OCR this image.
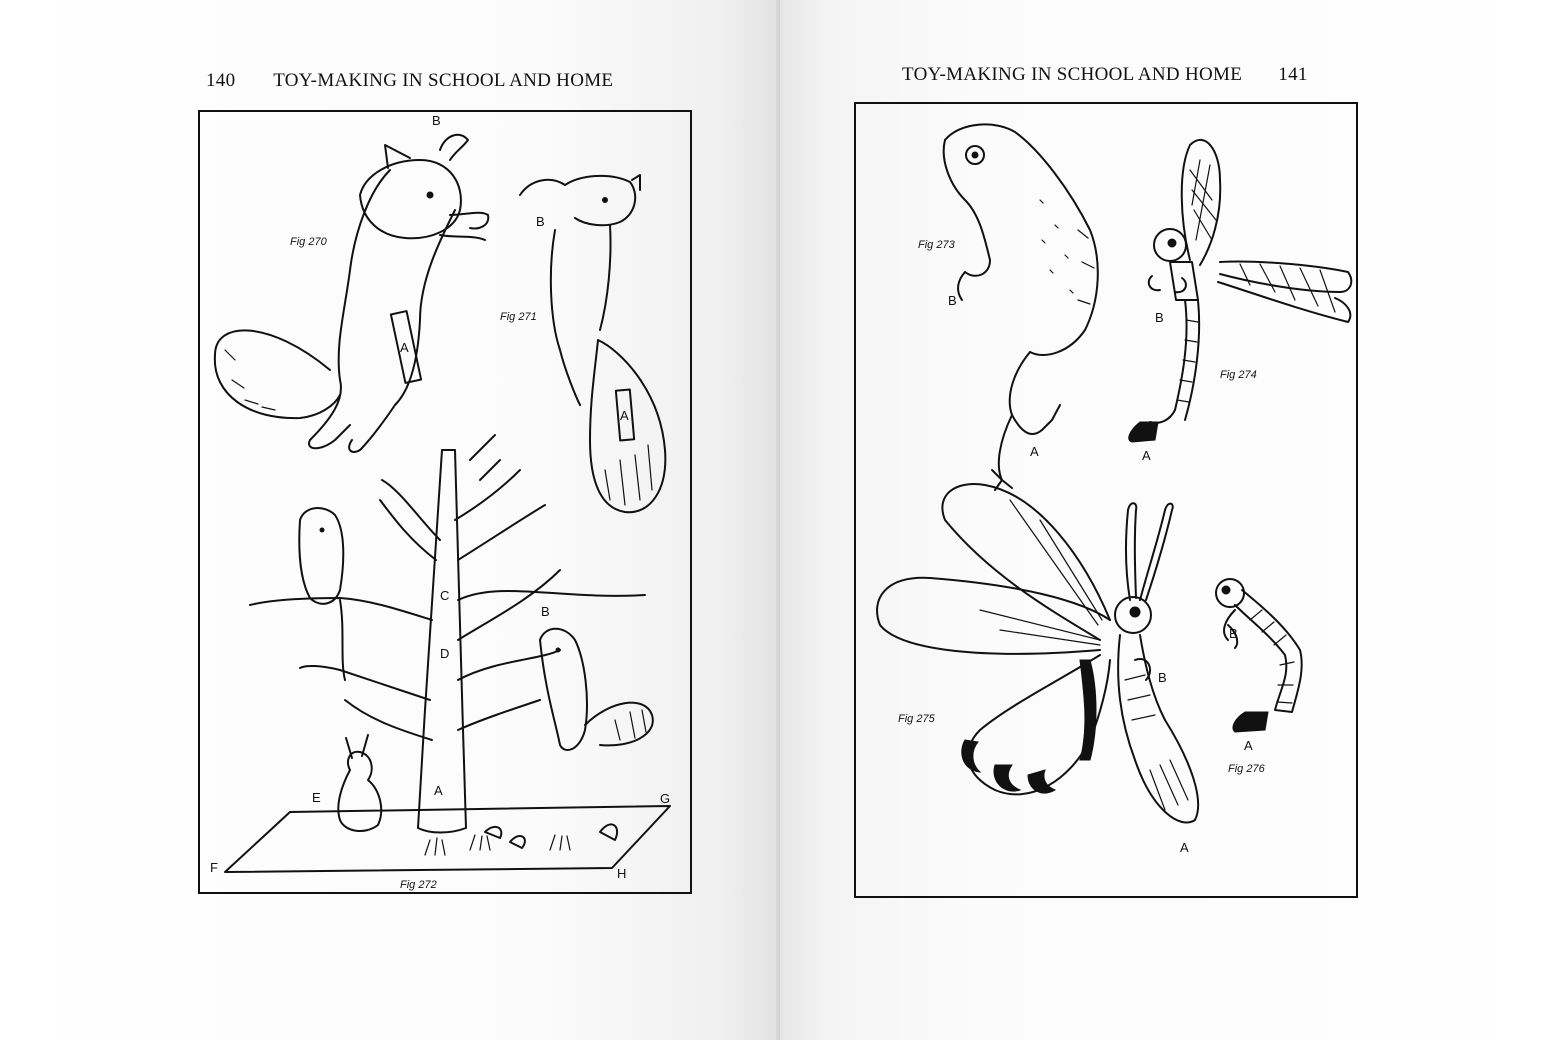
140 TOY-MAKING IN SCHOOL AND HOME
A
B
Fig 270
A
B
Fig 271
A
B
C
D
E
F
G
H
Fig 272
TOY-MAKING IN SCHOOL AND HOME 141
B
A
Fig 273
B
A
Fig 274
B
A
Fig 275
B
A
Fig 276
